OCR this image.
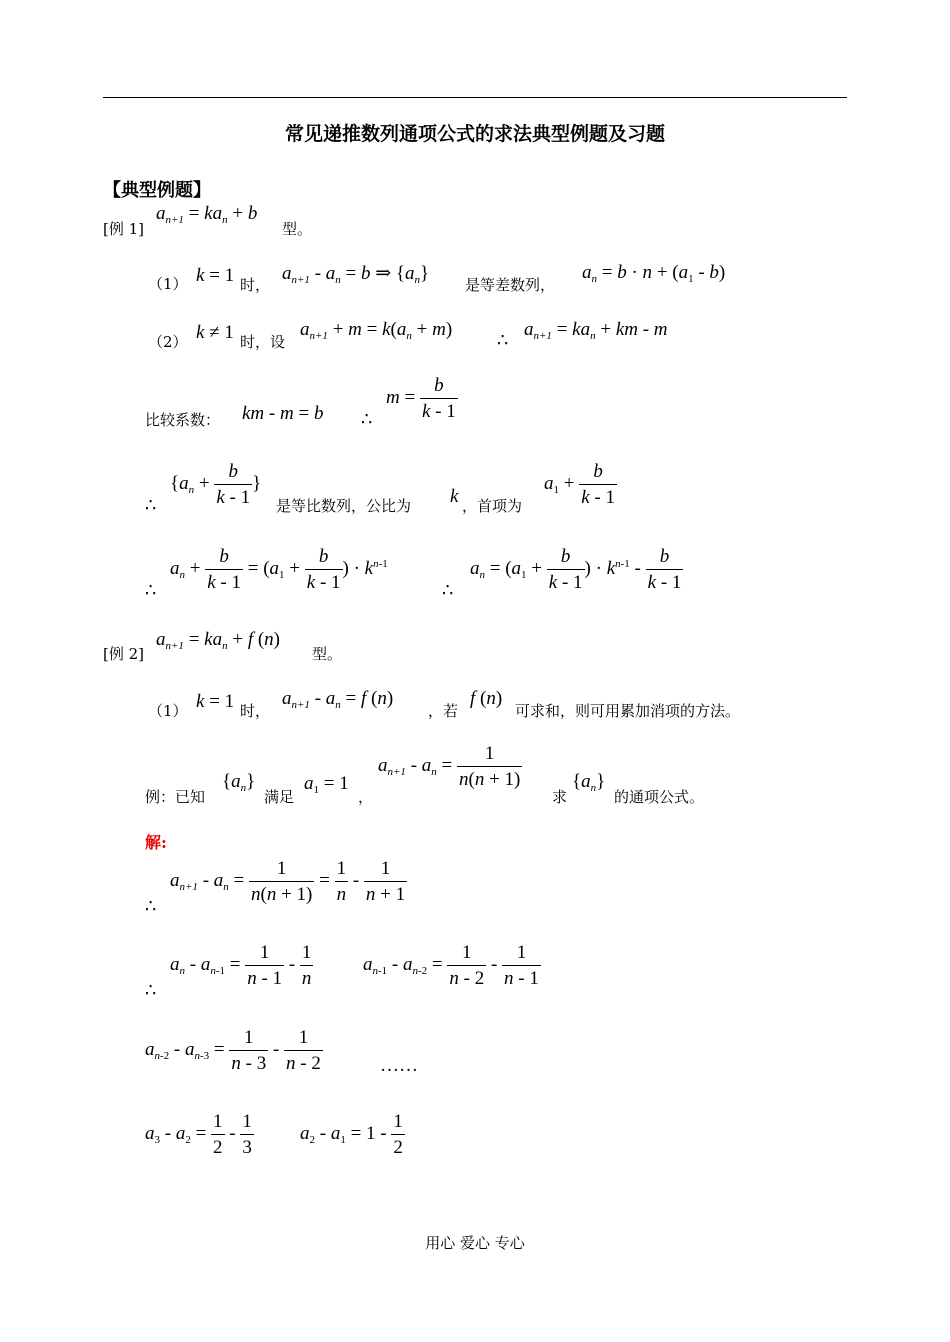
常见递推数列通项公式的求法典型例题及习题
【典型例题】
[例 1]
$a_{n+1} = ka_n + b$
型。
（1） k = 1 时，
$a_{n+1} - a_n = b$ ⇒ $\{a_n\}$
是等差数列，
$a_n = b \cdot n + (a_1 - b)$
（2） k ≠ 1 时，设
$a_{n+1} + m = k(a_n + m)$
∴
$a_{n+1} = ka_n$ + km - m
比较系数： km - m = b ∴
$m = \frac{b}{k - 1}$
∴
{$a_n + \frac{b}{k - 1}$ }
是等比数列，公比为 k ，首项为
$a_1 + \frac{b}{k - 1}$
∴
$a_n + \frac{b}{k - 1} = (a_1 + \frac{b}{k - 1}$ ) · $k^{n-1}$
∴
$a_n = (a_1 + \frac{b}{k - 1}$ ) · $k^{n-1} - \frac{b}{k - 1}$
[例 2]
$a_{n+1} = ka_n + f$ (n)
型。
（1） k = 1 时，
$a_{n+1} - a_n = f$ (n)
，若
f (n)
可求和，则可用累加消项的方法。
例：已知
$\{a_n\}$
满足
$a_1 = 1$
，
$a_{n+1} - a_n = \frac{1}{n(n + 1)}$
求
$\{a_n\}$
的通项公式。
解:
∴
$a_{n+1} - a_n = \frac{1}{n(n + 1)} = \frac{1}{n} - \frac{1}{n + 1}$
∴
$a_n - a_{n-1} = \frac{1}{n - 1} - \frac{1}{n}$	$a_{n-1} - a_{n-2} = \frac{1}{n - 2} - \frac{1}{n - 1}$
$a_{n-2} - a_{n-3} = \frac{1}{n - 3} - \frac{1}{n - 2}$	……
$a_3 - a_2 = \frac{1}{2} - \frac{1}{3} a_2 - a_1 = 1 - \frac{1}{2}$
用心 爱心 专心
